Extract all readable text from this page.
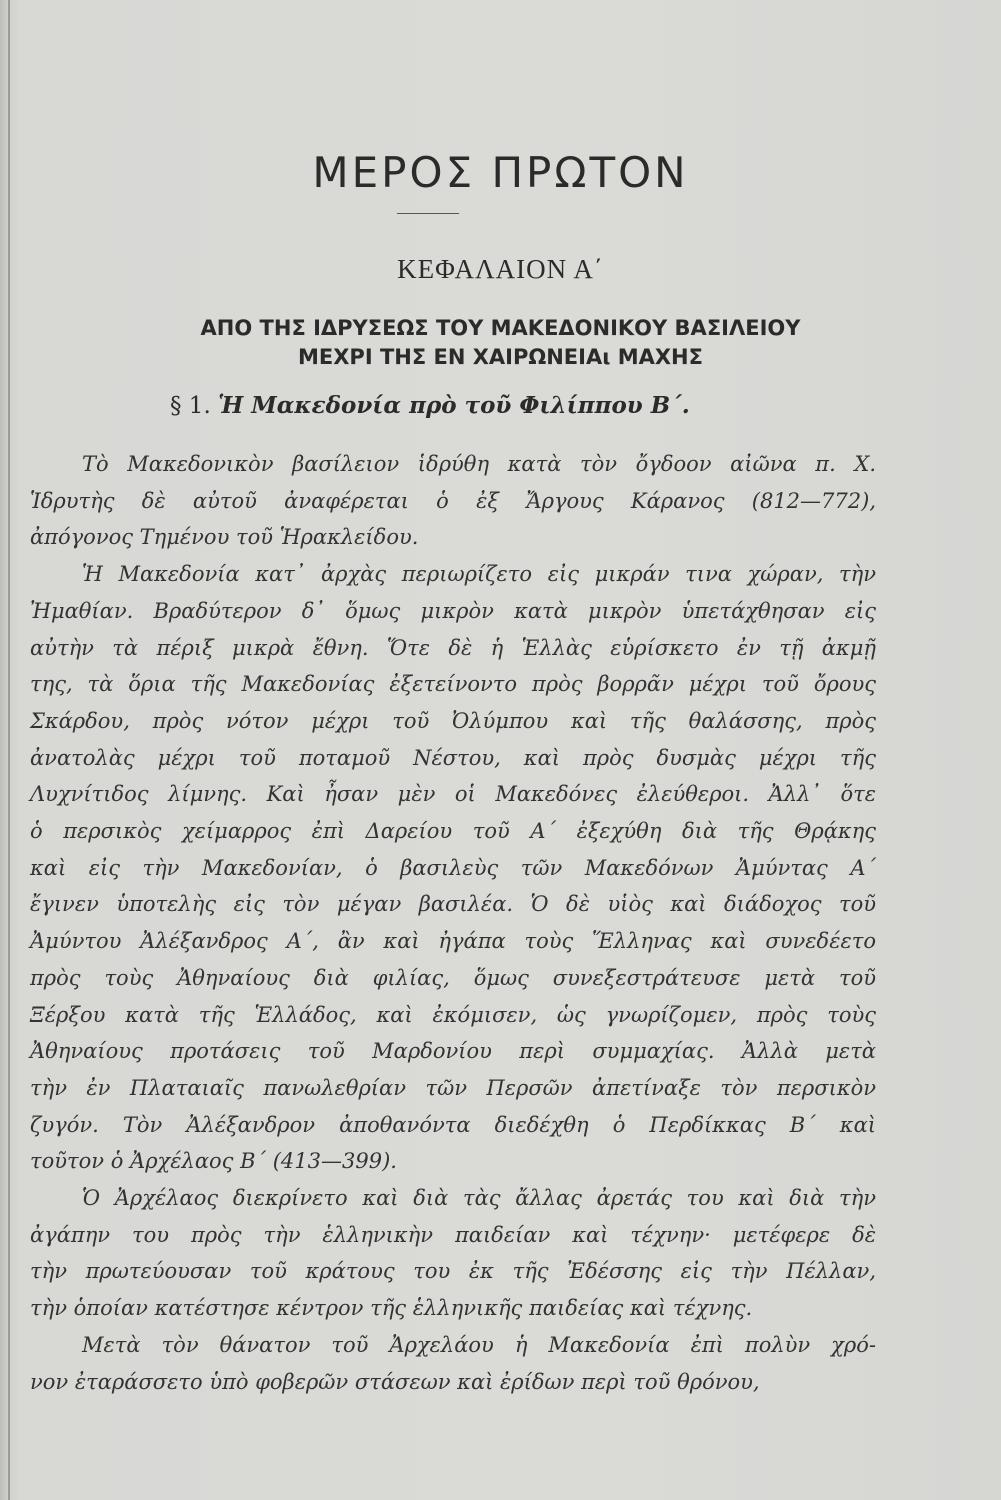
ΜΕΡΟΣ ΠΡΩΤΟΝ
ΚΕΦΑΛΑΙΟΝ Α΄
ΑΠΟ ΤΗΣ ΙΔΡΥΣΕΩΣ ΤΟΥ ΜΑΚΕΔΟΝΙΚΟΥ ΒΑΣΙΛΕΙΟΥ
ΜΕΧΡΙ ΤΗΣ ΕΝ ΧΑΙΡΩΝΕΙΑι ΜΑΧΗΣ
§ 1. Ἡ Μακεδονία πρὸ τοῦ Φιλίππου Β΄.
Τὸ Μακεδονικὸν βασίλειον ἱδρύθη κατὰ τὸν ὄγδοον αἰῶνα π. Χ.
Ἱδρυτὴς δὲ αὐτοῦ ἀναφέρεται ὁ ἐξ Ἄργους Κάρανος (812—772),
ἀπόγονος Τημένου τοῦ Ἡρακλείδου.
Ἡ Μακεδονία κατ᾽ ἀρχὰς περιωρίζετο εἰς μικράν τινα χώραν, τὴν
Ἠμαθίαν. Βραδύτερον δ᾽ ὅμως μικρὸν κατὰ μικρὸν ὑπετάχθησαν εἰς
αὐτὴν τὰ πέριξ μικρὰ ἔθνη. Ὅτε δὲ ἡ Ἑλλὰς εὑρίσκετο ἐν τῇ ἀκμῇ
της, τὰ ὅρια τῆς Μακεδονίας ἐξετείνοντο πρὸς βορρᾶν μέχρι τοῦ ὄρους
Σκάρδου, πρὸς νότον μέχρι τοῦ Ὀλύμπου καὶ τῆς θαλάσσης, πρὸς
ἀνατολὰς μέχρι τοῦ ποταμοῦ Νέστου, καὶ πρὸς δυσμὰς μέχρι τῆς
Λυχνίτιδος λίμνης. Καὶ ἦσαν μὲν οἱ Μακεδόνες ἐλεύθεροι. Ἀλλ᾽ ὅτε
ὁ περσικὸς χείμαρρος ἐπὶ Δαρείου τοῦ Α΄ ἐξεχύθη διὰ τῆς Θρᾴκης
καὶ εἰς τὴν Μακεδονίαν, ὁ βασιλεὺς τῶν Μακεδόνων Ἀμύντας Α΄
ἔγινεν ὑποτελὴς εἰς τὸν μέγαν βασιλέα. Ὁ δὲ υἱὸς καὶ διάδοχος τοῦ
Ἀμύντου Ἀλέξανδρος Α΄, ἂν καὶ ἠγάπα τοὺς Ἕλληνας καὶ συνεδέετο
πρὸς τοὺς Ἀθηναίους διὰ φιλίας, ὅμως συνεξεστράτευσε μετὰ τοῦ
Ξέρξου κατὰ τῆς Ἑλλάδος, καὶ ἐκόμισεν, ὡς γνωρίζομεν, πρὸς τοὺς
Ἀθηναίους προτάσεις τοῦ Μαρδονίου περὶ συμμαχίας. Ἀλλὰ μετὰ
τὴν ἐν Πλαταιαῖς πανωλεθρίαν τῶν Περσῶν ἀπετίναξε τὸν περσικὸν
ζυγόν. Τὸν Ἀλέξανδρον ἀποθανόντα διεδέχθη ὁ Περδίκκας Β΄ καὶ
τοῦτον ὁ Ἀρχέλαος Β΄ (413—399).
Ὁ Ἀρχέλαος διεκρίνετο καὶ διὰ τὰς ἄλλας ἀρετάς του καὶ διὰ τὴν
ἀγάπην του πρὸς τὴν ἑλληνικὴν παιδείαν καὶ τέχνην· μετέφερε δὲ
τὴν πρωτεύουσαν τοῦ κράτους του ἐκ τῆς Ἐδέσσης εἰς τὴν Πέλλαν,
τὴν ὁποίαν κατέστησε κέντρον τῆς ἑλληνικῆς παιδείας καὶ τέχνης.
Μετὰ τὸν θάνατον τοῦ Ἀρχελάου ἡ Μακεδονία ἐπὶ πολὺν χρό-
νον ἐταράσσετο ὑπὸ φοβερῶν στάσεων καὶ ἐρίδων περὶ τοῦ θρόνου,
